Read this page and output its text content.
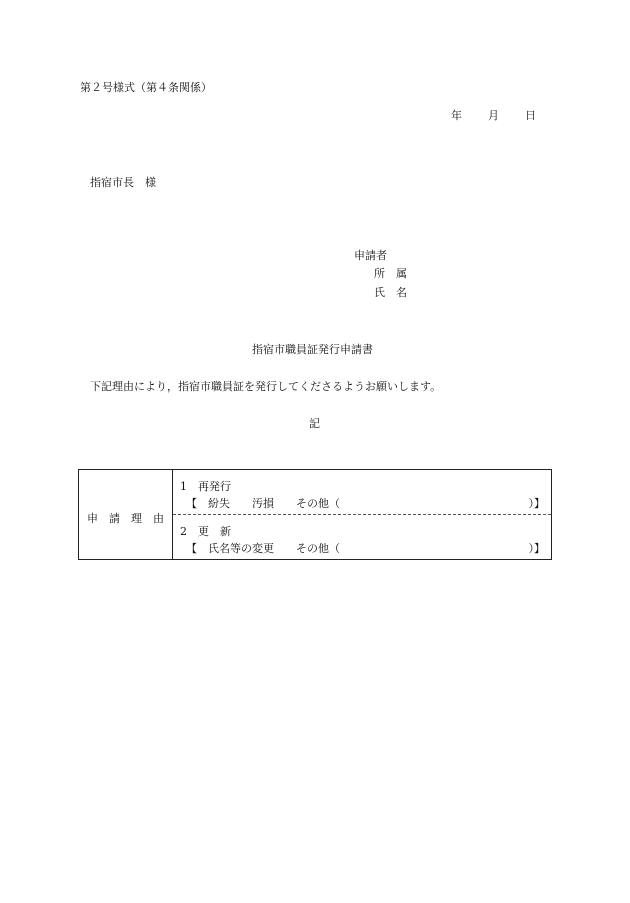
第２号様式（第４条関係）

年 月 日

指宿市長　様
申請者
所　属
氏　名
指宿市職員証発行申請書
下記理由により，指宿市職員証を発行してくださるようお願いします。
記
申　請　理　由
1　再発行
【　紛失　　汚損　　その他（	）】
2　更　新
【　氏名等の変更　　その他（	）】
